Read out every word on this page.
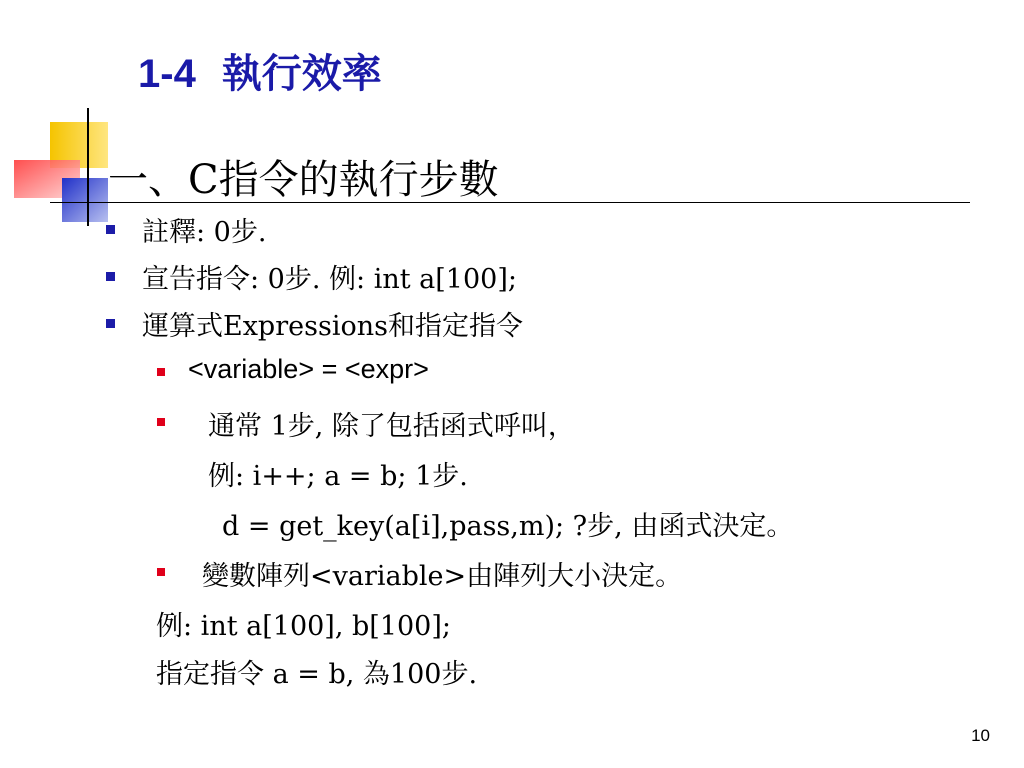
1-4 執行效率
一、C指令的執行步數
註釋: 0步.
宣告指令: 0步. 例: int a[100];
運算式Expressions和指定指令
<variable> = <expr>
通常 1步, 除了包括函式呼叫，
例: i++; a = b; 1步.
d = get_key(a[i],pass,m); ?步, 由函式決定。
變數陣列<variable>由陣列大小決定。
例: int a[100], b[100];
指定指令 a = b, 為100步.
10
